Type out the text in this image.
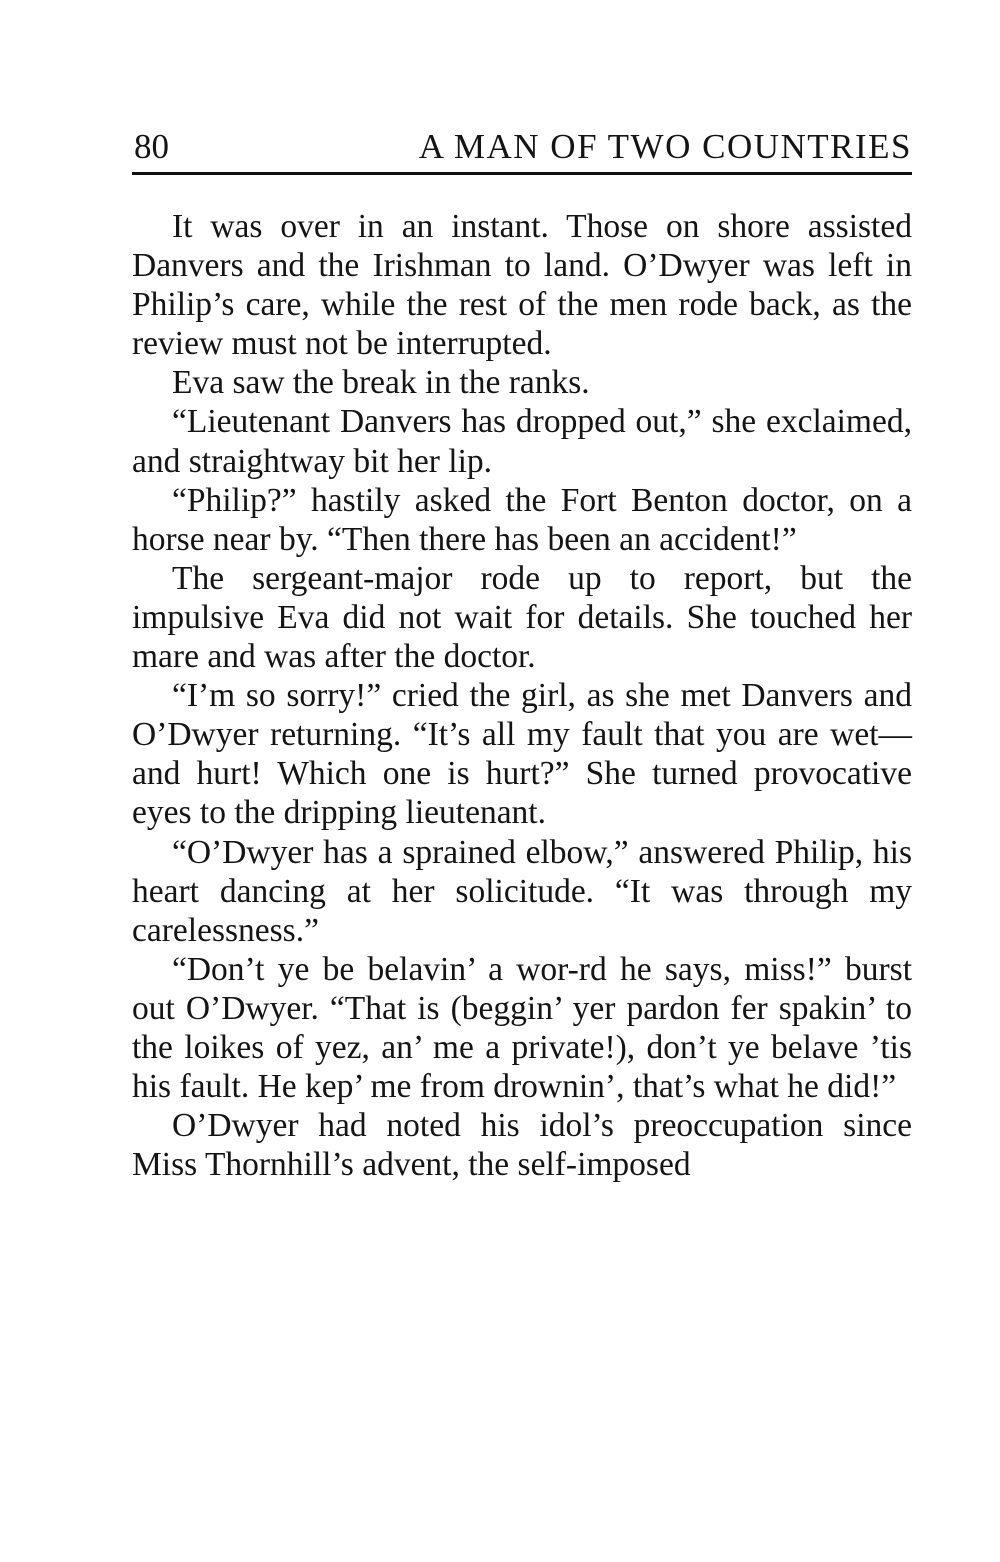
80	A MAN OF TWO COUNTRIES

It was over in an instant. Those on shore assisted Danvers and the Irishman to land. O’Dwyer was left in Philip’s care, while the rest of the men rode back, as the review must not be interrupted.

Eva saw the break in the ranks.

“Lieutenant Danvers has dropped out,” she exclaimed, and straightway bit her lip.

“Philip?” hastily asked the Fort Benton doctor, on a horse near by. “Then there has been an accident!”

The sergeant-major rode up to report, but the impulsive Eva did not wait for details. She touched her mare and was after the doctor.

“I’m so sorry!” cried the girl, as she met Danvers and O’Dwyer returning. “It’s all my fault that you are wet—and hurt! Which one is hurt?” She turned provocative eyes to the dripping lieutenant.

“O’Dwyer has a sprained elbow,” answered Philip, his heart dancing at her solicitude. “It was through my carelessness.”

“Don’t ye be belavin’ a wor-rd he says, miss!” burst out O’Dwyer. “That is (beggin’ yer pardon fer spakin’ to the loikes of yez, an’ me a private!), don’t ye belave ’tis his fault. He kep’ me from drownin’, that’s what he did!”

O’Dwyer had noted his idol’s preoccupation since Miss Thornhill’s advent, the self-imposed
